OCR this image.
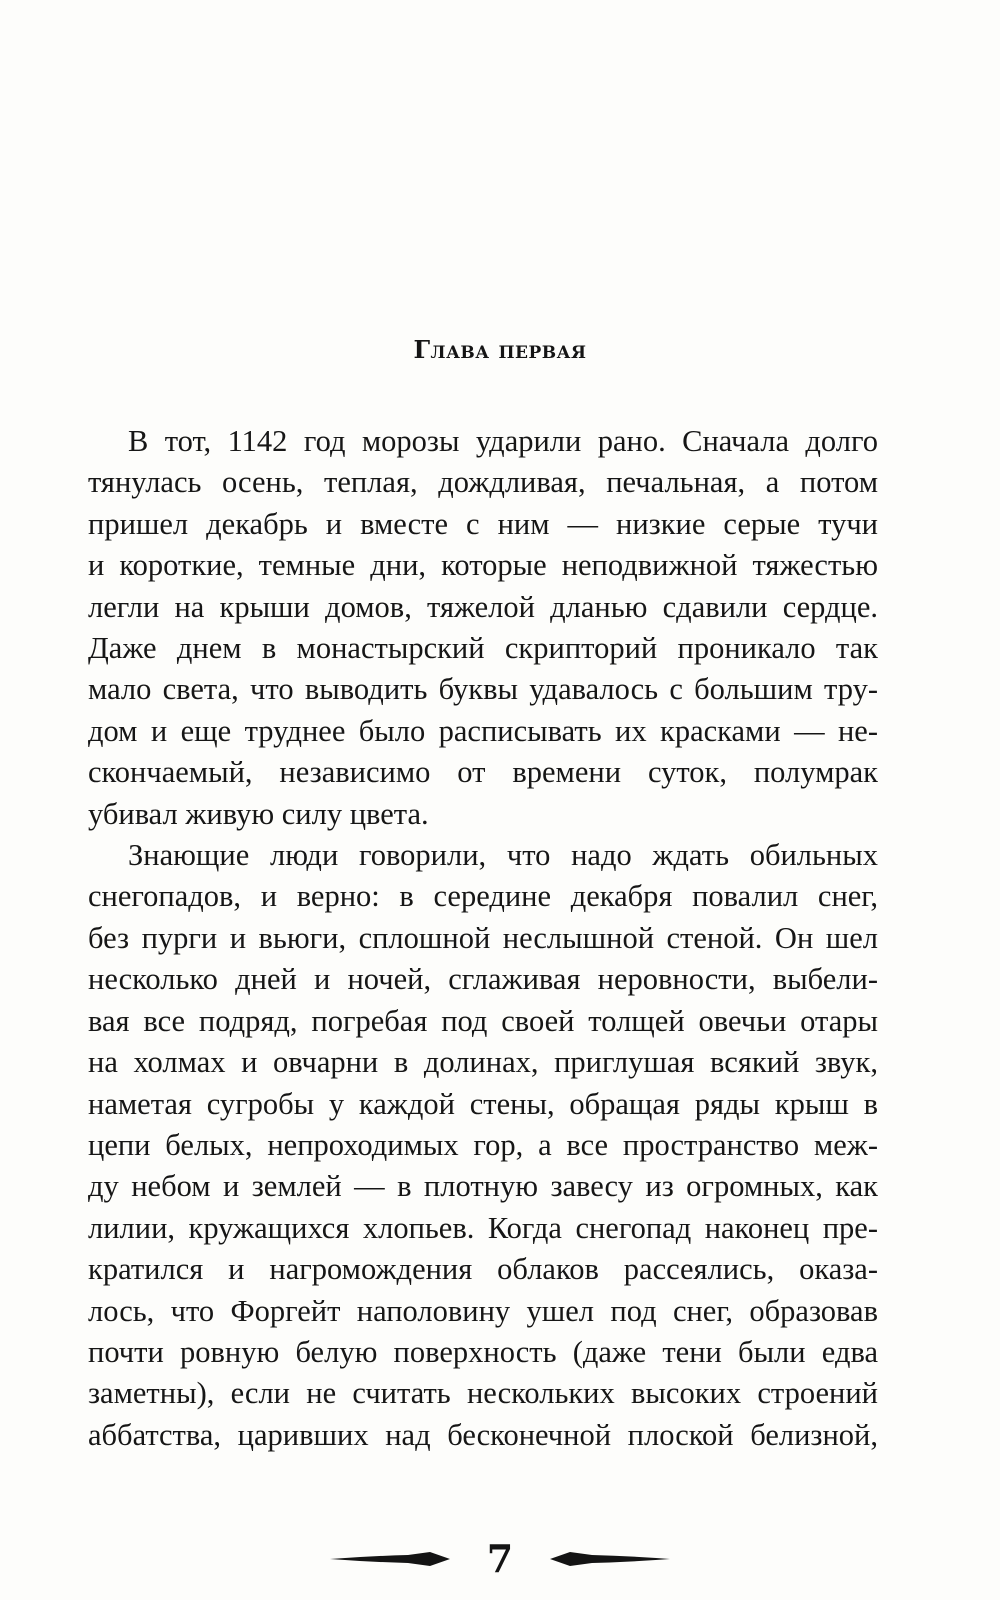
Глава первая
В тот, 1142 год морозы ударили рано. Сначала долго
тянулась осень, теплая, дождливая, печальная, а потом
пришел декабрь и вместе с ним — низкие серые тучи
и короткие, темные дни, которые неподвижной тяжестью
легли на крыши домов, тяжелой дланью сдавили сердце.
Даже днем в монастырский скрипторий проникало так
мало света, что выводить буквы удавалось с большим тру-
дом и еще труднее было расписывать их красками — не-
скончаемый, независимо от времени суток, полумрак
убивал живую силу цвета.
Знающие люди говорили, что надо ждать обильных
снегопадов, и верно: в середине декабря повалил снег,
без пурги и вьюги, сплошной неслышной стеной. Он шел
несколько дней и ночей, сглаживая неровности, выбели-
вая все подряд, погребая под своей толщей овечьи отары
на холмах и овчарни в долинах, приглушая всякий звук,
наметая сугробы у каждой стены, обращая ряды крыш в
цепи белых, непроходимых гор, а все пространство меж-
ду небом и землей — в плотную завесу из огромных, как
лилии, кружащихся хлопьев. Когда снегопад наконец пре-
кратился и нагромождения облаков рассеялись, оказа-
лось, что Форгейт наполовину ушел под снег, образовав
почти ровную белую поверхность (даже тени были едва
заметны), если не считать нескольких высоких строений
аббатства, царивших над бесконечной плоской белизной,
7
